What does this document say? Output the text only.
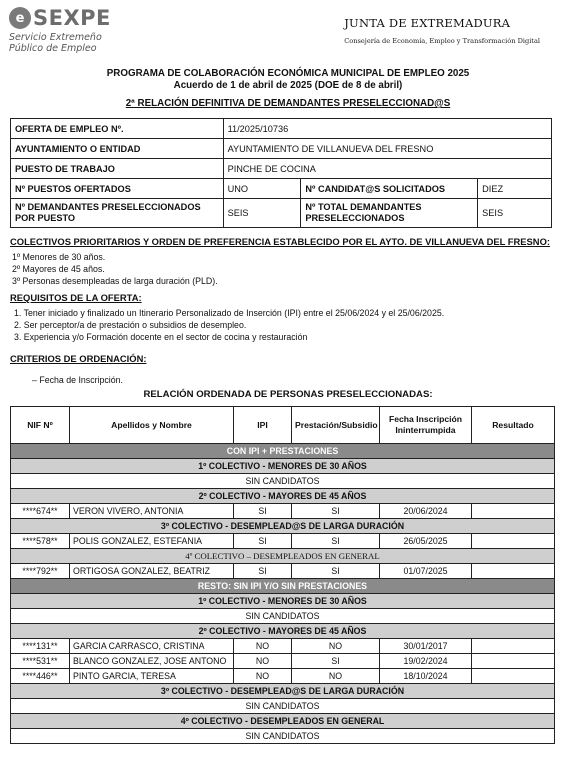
e SEXPE
Servicio Extremeño
Público de Empleo
JUNTA DE EXTREMADURA
Consejería de Economía, Empleo y Transformación Digital
PROGRAMA DE COLABORACIÓN ECONÓMICA MUNICIPAL DE EMPLEO 2025
Acuerdo de 1 de abril de 2025 (DOE de 8 de abril)
2ª RELACIÓN DEFINITIVA DE DEMANDANTES PRESELECCIONAD@S
OFERTA DE EMPLEO Nº.	11/2025/10736		
AYUNTAMIENTO O ENTIDAD	AYUNTAMIENTO DE VILLANUEVA DEL FRESNO		
PUESTO DE TRABAJO	PINCHE DE COCINA		
Nº PUESTOS OFERTADOS	UNO	Nº CANDIDAT@S SOLICITADOS	DIEZ
Nº DEMANDANTES PRESELECCIONADOS POR PUESTO	SEIS	Nº TOTAL DEMANDANTES PRESELECCIONADOS	SEIS
COLECTIVOS PRIORITARIOS Y ORDEN DE PREFERENCIA ESTABLECIDO POR EL AYTO. DE VILLANUEVA DEL FRESNO:
1º Menores de 30 años.
2º Mayores de 45 años.
3º Personas desempleadas de larga duración (PLD).
REQUISITOS DE LA OFERTA:
1. Tener iniciado y finalizado un Itinerario Personalizado de Inserción (IPI) entre el 25/06/2024 y el 25/06/2025.
2. Ser perceptor/a de prestación o subsidios de desempleo.
3. Experiencia y/o Formación docente en el sector de cocina y restauración
CRITERIOS DE ORDENACIÓN:
– Fecha de Inscripción.
RELACIÓN ORDENADA DE PERSONAS PRESELECCIONADAS:
NIF Nº	Apellidos y Nombre	IPI	Prestación/Subsidio	Fecha Inscripción Ininterrumpida	Resultado
CON IPI + PRESTACIONES					
1º COLECTIVO - MENORES DE 30 AÑOS					
SIN CANDIDATOS					
2º COLECTIVO - MAYORES DE 45 AÑOS					
****674**	VERON VIVERO, ANTONIA	SI	SI	20/06/2024	
3º COLECTIVO - DESEMPLEAD@S DE LARGA DURACIÓN					
****578**	POLIS GONZALEZ, ESTEFANIA	SI	SI	26/05/2025	
4º COLECTIVO – DESEMPLEADOS EN GENERAL					
****792**	ORTIGOSA GONZALEZ, BEATRIZ	SI	SI	01/07/2025	
RESTO: SIN IPI Y/O SIN PRESTACIONES					
1º COLECTIVO - MENORES DE 30 AÑOS					
SIN CANDIDATOS					
2º COLECTIVO - MAYORES DE 45 AÑOS					
****131**	GARCIA CARRASCO, CRISTINA	NO	NO	30/01/2017	
****531**	BLANCO GONZALEZ, JOSE ANTONO	NO	SI	19/02/2024	
****446**	PINTO GARCIA, TERESA	NO	NO	18/10/2024	
3º COLECTIVO - DESEMPLEAD@S DE LARGA DURACIÓN					
SIN CANDIDATOS					
4º COLECTIVO - DESEMPLEADOS EN GENERAL					
SIN CANDIDATOS					
